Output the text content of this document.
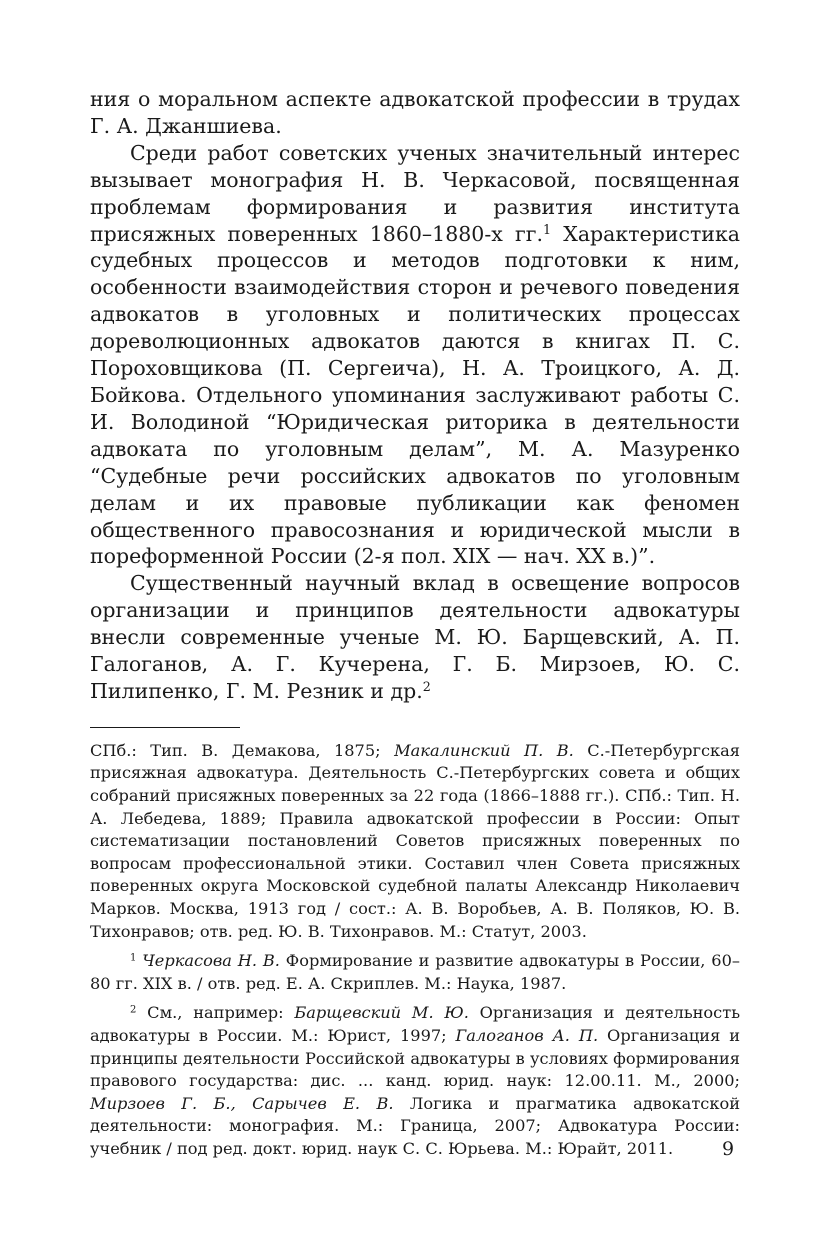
ния о моральном аспекте адвокатской профессии в трудах Г. А. Джаншиева.

Среди работ советских ученых значительный интерес вызывает монография Н. В. Черкасовой, посвященная проблемам формирования и развития института присяжных поверенных 1860–1880-х гг.$^1$ Характеристика судебных процессов и методов подготовки к ним, особенности взаимодействия сторон и речевого поведения адвокатов в уголовных и политических процессах дореволюционных адвокатов даются в книгах П. С. Пороховщикова (П. Сергеича), Н. А. Троицкого, А. Д. Бойкова. Отдельного упоминания заслуживают работы С. И. Володиной “Юридическая риторика в деятельности адвоката по уголовным делам”, М. А. Мазуренко “Судебные речи российских адвокатов по уголовным делам и их правовые публикации как феномен общественного правосознания и юридической мысли в пореформенной России (2-я пол. XIX — нач. XX в.)”.

Существенный научный вклад в освещение вопросов организации и принципов деятельности адвокатуры внесли современные ученые М. Ю. Барщевский, А. П. Галоганов, А. Г. Кучерена, Г. Б. Мирзоев, Ю. С. Пилипенко, Г. М. Резник и др.$^2$

СПб.: Тип. В. Демакова, 1875; Макалинский П. В. С.-Петербургская присяжная адвокатура. Деятельность С.-Петербургских совета и общих собраний присяжных поверенных за 22 года (1866–1888 гг.). СПб.: Тип. Н. А. Лебедева, 1889; Правила адвокатской профессии в России: Опыт систематизации постановлений Советов присяжных поверенных по вопросам профессиональной этики. Составил член Совета присяжных поверенных округа Московской судебной палаты Александр Николаевич Марков. Москва, 1913 год / сост.: А. В. Воробьев, А. В. Поляков, Ю. В. Тихонравов; отв. ред. Ю. В. Тихонравов. М.: Статут, 2003.

$^1$ Черкасова Н. В. Формирование и развитие адвокатуры в России, 60–80 гг. XIX в. / отв. ред. Е. А. Скриплев. М.: Наука, 1987.

$^2$ См., например: Барщевский М. Ю. Организация и деятельность адвокатуры в России. М.: Юрист, 1997; Галоганов А. П. Организация и принципы деятельности Российской адвокатуры в условиях формирования правового государства: дис. ... канд. юрид. наук: 12.00.11. М., 2000; Мирзоев Г. Б., Сарычев Е. В. Логика и прагматика адвокатской деятельности: монография. М.: Граница, 2007; Адвокатура России: учебник / под ред. докт. юрид. наук С. С. Юрьева. М.: Юрайт, 2011.	9
